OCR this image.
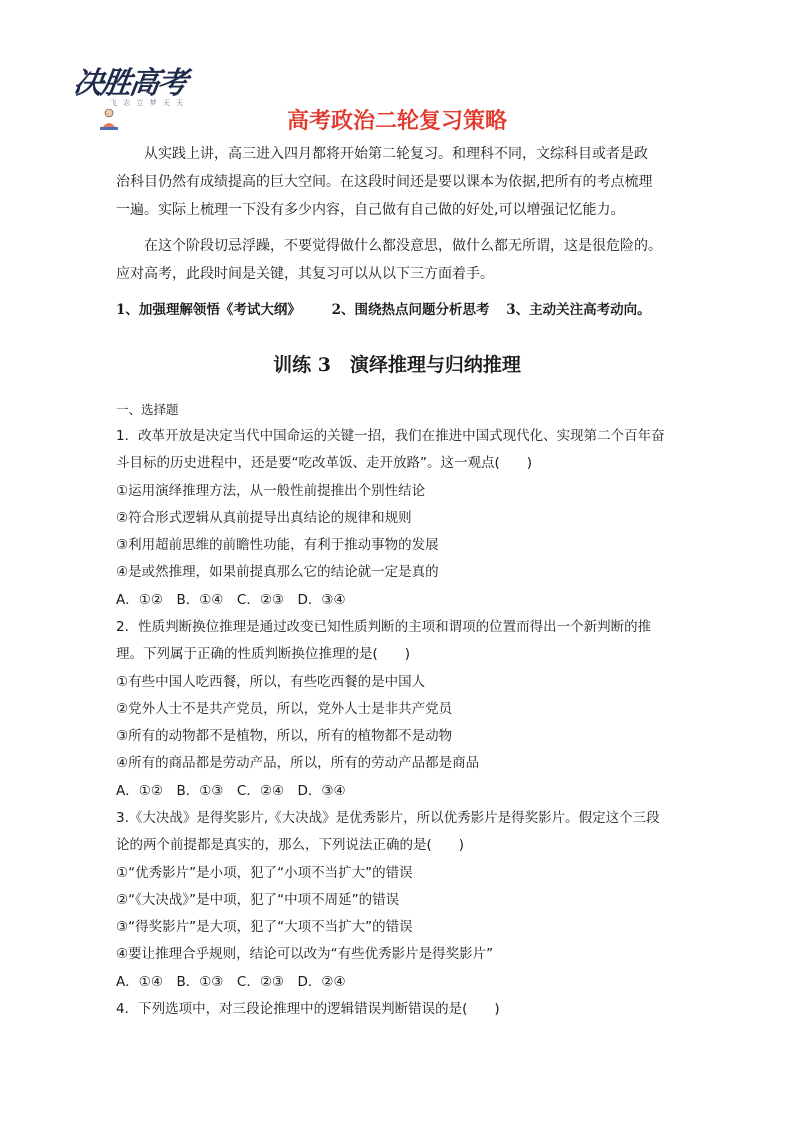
决胜高考
飞 志 立 梦 天 天
高考政治二轮复习策略
从实践上讲，高三进入四月都将开始第二轮复习。和理科不同，文综科目或者是政
治科目仍然有成绩提高的巨大空间。在这段时间还是要以课本为依据,把所有的考点梳理
一遍。实际上梳理一下没有多少内容，自己做有自己做的好处,可以增强记忆能力。
在这个阶段切忌浮躁，不要觉得做什么都没意思，做什么都无所谓，这是很危险的。
应对高考，此段时间是关键，其复习可以从以下三方面着手。
1、加强理解领悟《考试大纲》 2、围绕热点问题分析思考 3、主动关注高考动向。
训练 3　演绎推理与归纳推理
一、选择题
1．改革开放是决定当代中国命运的关键一招，我们在推进中国式现代化、实现第二个百年奋
斗目标的历史进程中，还是要“吃改革饭、走开放路”。这一观点(　　)
①运用演绎推理方法，从一般性前提推出个别性结论
②符合形式逻辑从真前提导出真结论的规律和规则
③利用超前思维的前瞻性功能，有利于推动事物的发展
④是或然推理，如果前提真那么它的结论就一定是真的
A．①②　B．①④　C．②③　D．③④
2．性质判断换位推理是通过改变已知性质判断的主项和谓项的位置而得出一个新判断的推
理。下列属于正确的性质判断换位推理的是(　　)
①有些中国人吃西餐，所以，有些吃西餐的是中国人
②党外人士不是共产党员，所以，党外人士是非共产党员
③所有的动物都不是植物，所以，所有的植物都不是动物
④所有的商品都是劳动产品，所以，所有的劳动产品都是商品
A．①②　B．①③　C．②④　D．③④
3.《大决战》是得奖影片,《大决战》是优秀影片，所以优秀影片是得奖影片。假定这个三段
论的两个前提都是真实的，那么，下列说法正确的是(　　)
①“优秀影片”是小项，犯了“小项不当扩大”的错误
②“《大决战》”是中项，犯了“中项不周延”的错误
③“得奖影片”是大项，犯了“大项不当扩大”的错误
④要让推理合乎规则，结论可以改为“有些优秀影片是得奖影片”
A．①④　B．①③　C．②③　D．②④
4．下列选项中，对三段论推理中的逻辑错误判断错误的是(　　)
